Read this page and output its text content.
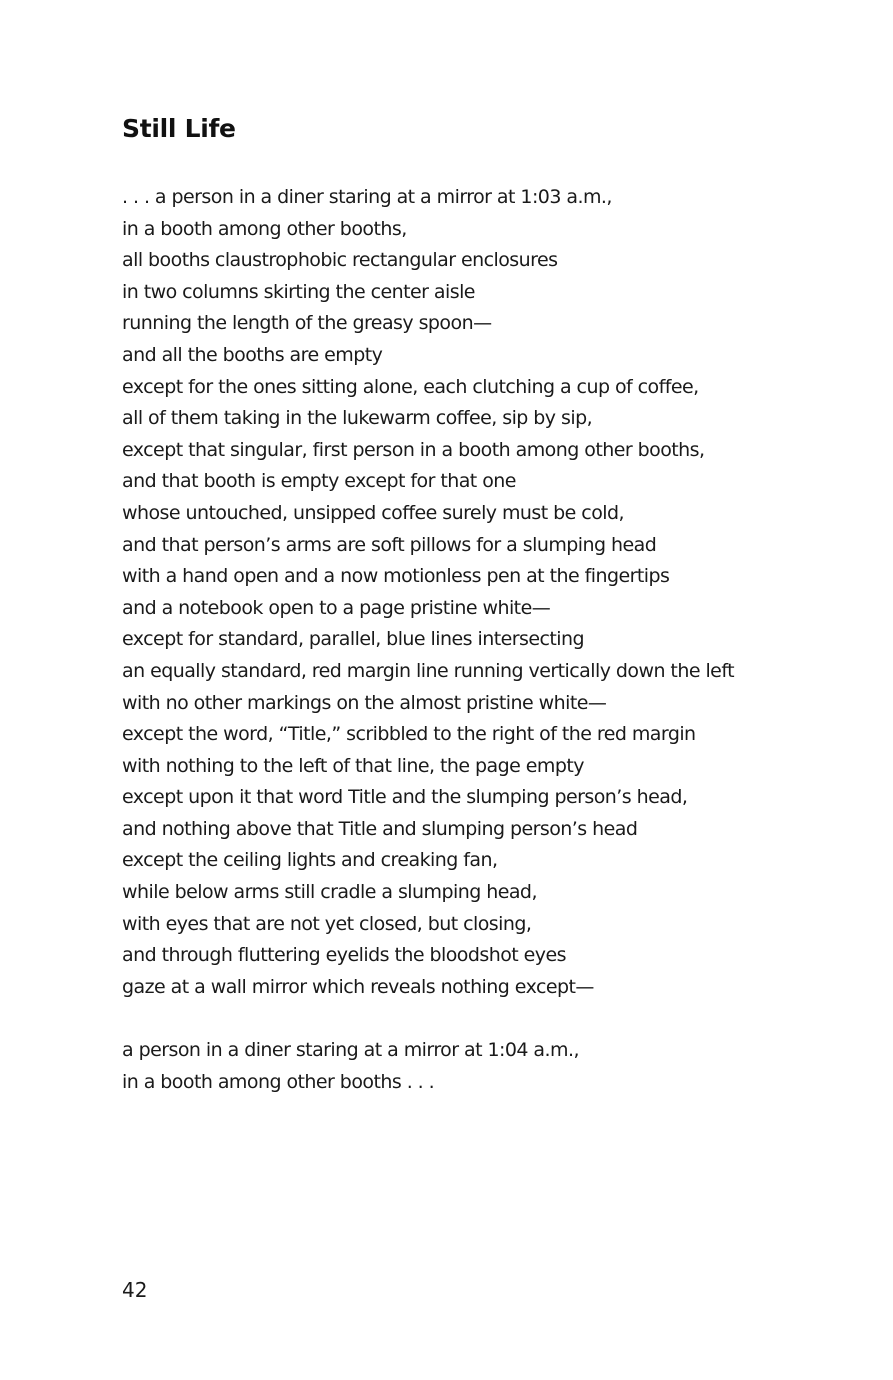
Still Life
. . . a person in a diner staring at a mirror at 1:03 a.m.,
in a booth among other booths,
all booths claustrophobic rectangular enclosures
in two columns skirting the center aisle
running the length of the greasy spoon—
and all the booths are empty
except for the ones sitting alone, each clutching a cup of coffee,
all of them taking in the lukewarm coffee, sip by sip,
except that singular, first person in a booth among other booths,
and that booth is empty except for that one
whose untouched, unsipped coffee surely must be cold,
and that person’s arms are soft pillows for a slumping head
with a hand open and a now motionless pen at the fingertips
and a notebook open to a page pristine white—
except for standard, parallel, blue lines intersecting
an equally standard, red margin line running vertically down the left
with no other markings on the almost pristine white—
except the word, “Title,” scribbled to the right of the red margin
with nothing to the left of that line, the page empty
except upon it that word Title and the slumping person’s head,
and nothing above that Title and slumping person’s head
except the ceiling lights and creaking fan,
while below arms still cradle a slumping head,
with eyes that are not yet closed, but closing,
and through fluttering eyelids the bloodshot eyes
gaze at a wall mirror which reveals nothing except—
a person in a diner staring at a mirror at 1:04 a.m.,
in a booth among other booths . . .

42
